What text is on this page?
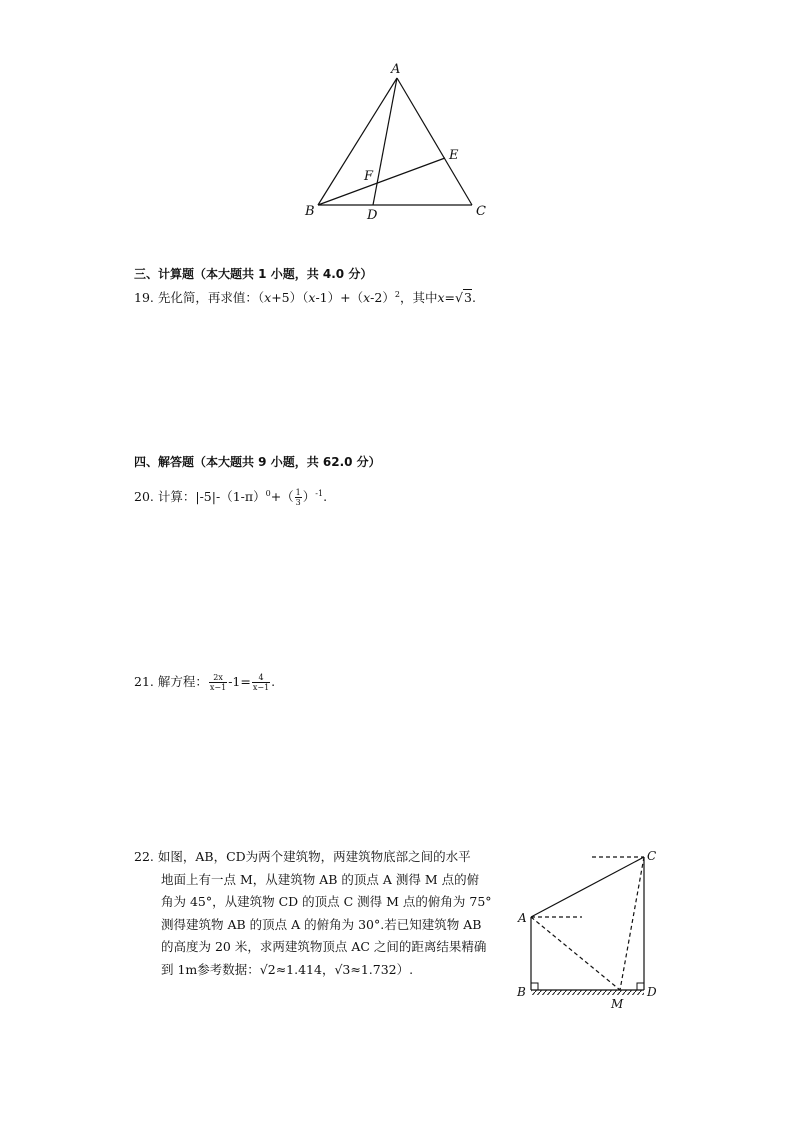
A
B	C
D
E
F
三、计算题（本大题共 1 小题，共 4.0 分）
19. 先化简，再求值：$(x+5)(x-1)+(x-2)^2$，其中x=√3.
四、解答题（本大题共 9 小题，共 62.0 分）
20. 计算：$|-5|-(1-\pi)^0+( \frac{1}{3} )^{-1}$.
21. 解方程： $\frac{2x}{x-1} -1= \frac{4}{x-1}$ .
22. 如图，AB，CD为两个建筑物，两建筑物底部之间的水平
地面上有一点 M，从建筑物 AB 的顶点 A 测得 M 点的俯
角为 45°，从建筑物 CD 的顶点 C 测得 M 点的俯角为 75°
测得建筑物 AB 的顶点 A 的俯角为 30°.若已知建筑物 AB
的高度为 20 米，求两建筑物顶点 AC 之间的距离结果精确
到 1m参考数据：√2≈1.414，√3≈1.732）.
A
B
C
D
M
